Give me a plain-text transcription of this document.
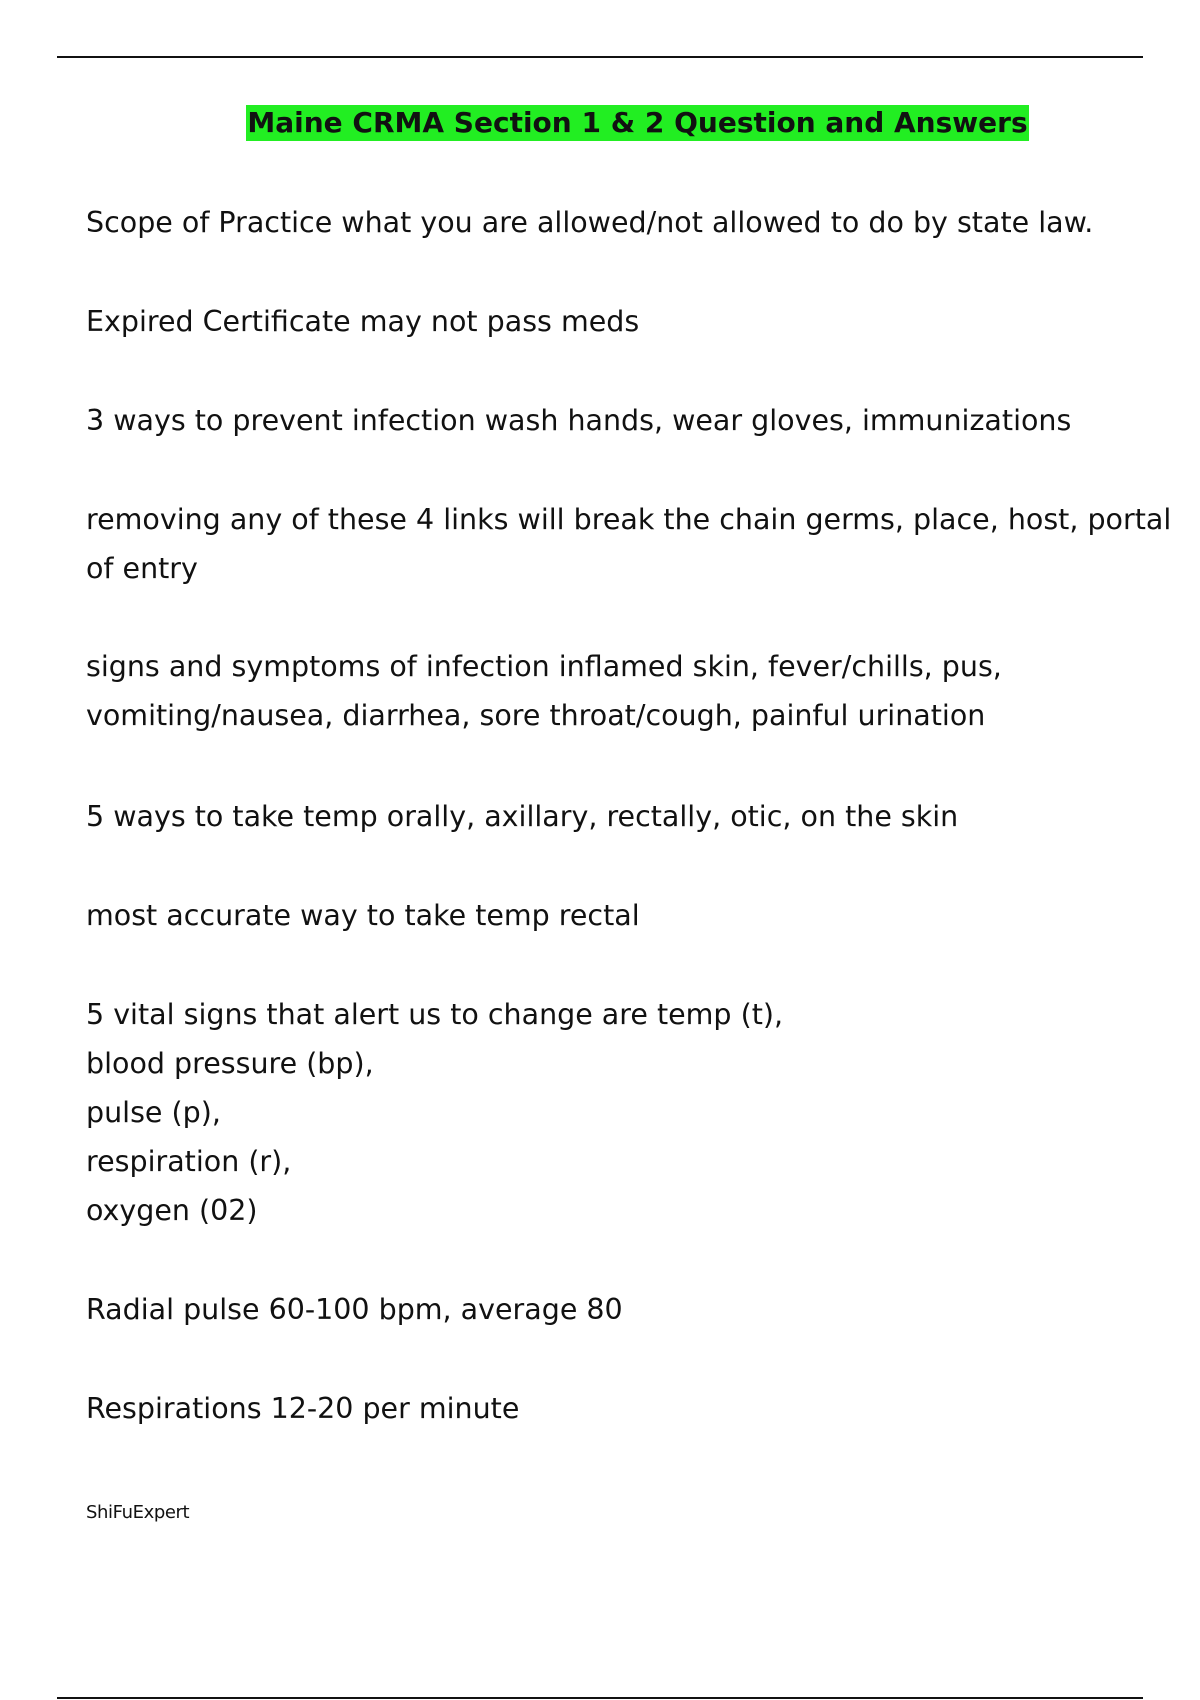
Maine CRMA Section 1 & 2 Question and Answers
Scope of Practice what you are allowed/not allowed to do by state law.
Expired Certificate may not pass meds
3 ways to prevent infection wash hands, wear gloves, immunizations
removing any of these 4 links will break the chain germs, place, host, portal
of entry
signs and symptoms of infection inflamed skin, fever/chills, pus,
vomiting/nausea, diarrhea, sore throat/cough, painful urination
5 ways to take temp orally, axillary, rectally, otic, on the skin
most accurate way to take temp rectal
5 vital signs that alert us to change are temp (t),
blood pressure (bp),
pulse (p),
respiration (r),
oxygen (02)
Radial pulse 60-100 bpm, average 80
Respirations 12-20 per minute
ShiFuExpert
